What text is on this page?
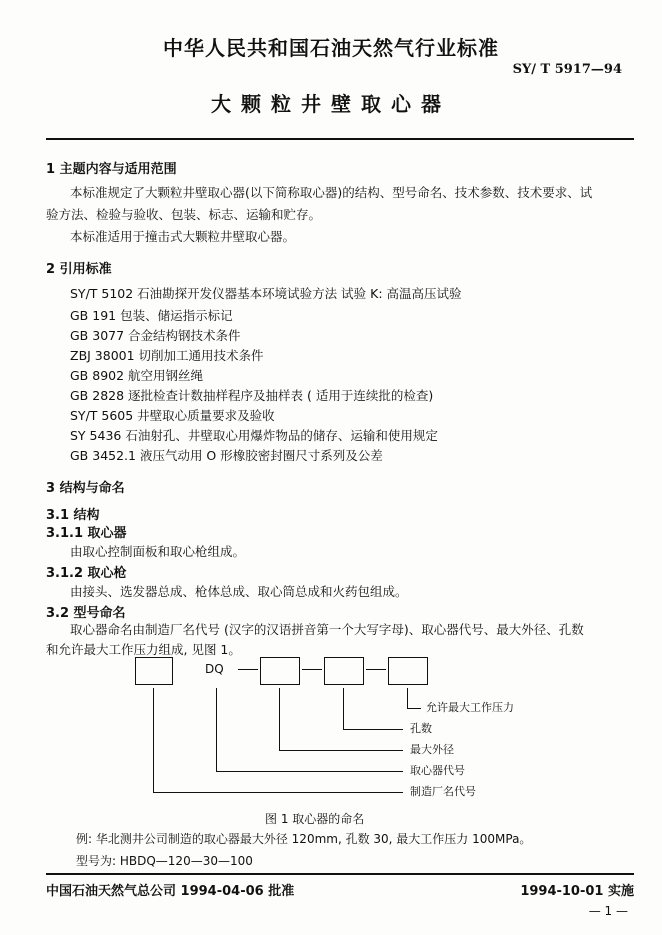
中华人民共和国石油天然气行业标准
SY/ T 5917—94
大颗粒井壁取心器
1 主题内容与适用范围
本标准规定了大颗粒井壁取心器(以下简称取心器)的结构、型号命名、技术参数、技术要求、试
验方法、检验与验收、包装、标志、运输和贮存。
本标准适用于撞击式大颗粒井壁取心器。
2 引用标准
SY/T 5102 石油勘探开发仪器基本环境试验方法 试验 K: 高温高压试验
GB 191 包装、储运指示标记
GB 3077 合金结构钢技术条件
ZBJ 38001 切削加工通用技术条件
GB 8902 航空用钢丝绳
GB 2828 逐批检查计数抽样程序及抽样表 ( 适用于连续批的检查)
SY/T 5605 井壁取心质量要求及验收
SY 5436 石油射孔、井壁取心用爆炸物品的储存、运输和使用规定
GB 3452.1 液压气动用 O 形橡胶密封圈尺寸系列及公差
3 结构与命名
3.1 结构
3.1.1 取心器
由取心控制面板和取心枪组成。
3.1.2 取心枪
由接头、选发器总成、枪体总成、取心筒总成和火药包组成。
3.2 型号命名
取心器命名由制造厂名代号 (汉字的汉语拼音第一个大写字母)、取心器代号、最大外径、孔数
和允许最大工作压力组成, 见图 1。
DQ
允许最大工作压力
孔数
最大外径
取心器代号
制造厂名代号
图 1 取心器的命名
例: 华北测井公司制造的取心器最大外径 120mm, 孔数 30, 最大工作压力 100MPa。
型号为: HBDQ—120—30—100
中国石油天然气总公司 1994-04-06 批准	1994-10-01 实施
— 1 —
